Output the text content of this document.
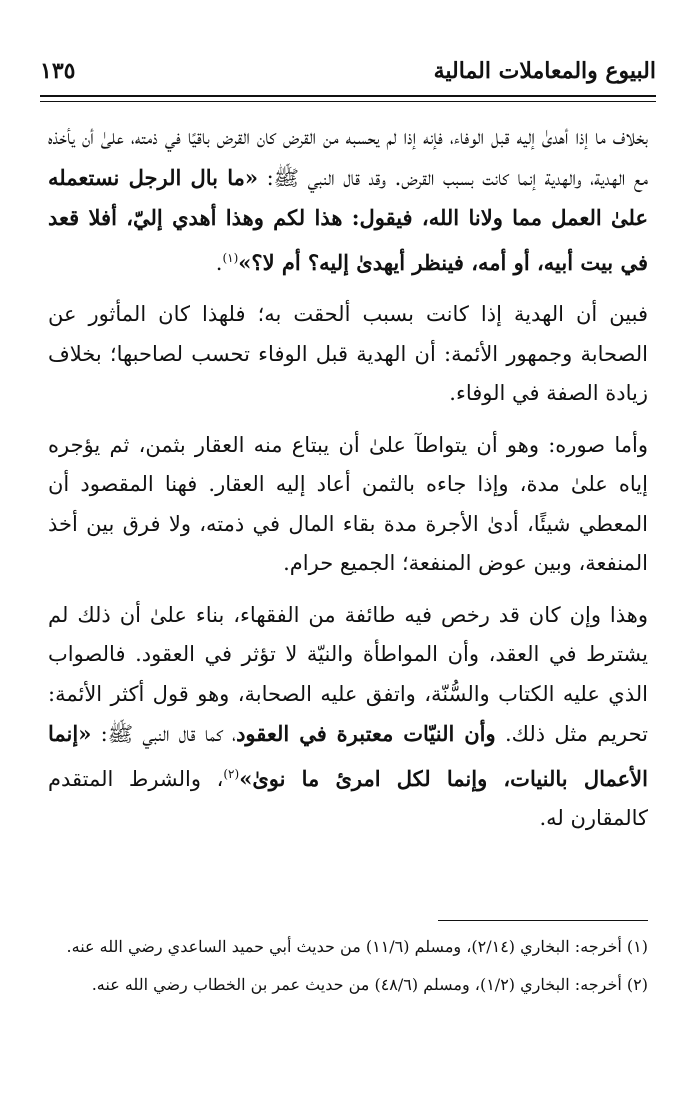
البيوع والمعاملات المالية
١٣٥

بخلاف ما إذا أهدىٰ إليه قبل الوفاء، فإنه إذا لم يحسبه من القرض كان القرض باقيًا في ذمته، علىٰ أن يأخذه مع الهدية، والهدية إنما كانت بسبب القرض. وقد قال النبي ﷺ: «ما بال الرجل نستعمله علىٰ العمل مما ولانا الله، فيقول: هذا لكم وهذا أهدي إليّ، أفلا قعد في بيت أبيه، أو أمه، فينظر أيهدىٰ إليه؟ أم لا؟»$^{(١)}$.

فبين أن الهدية إذا كانت بسبب ألحقت به؛ فلهذا كان المأثور عن الصحابة وجمهور الأئمة: أن الهدية قبل الوفاء تحسب لصاحبها؛ بخلاف زيادة الصفة في الوفاء.

وأما صوره: وهو أن يتواطآ علىٰ أن يبتاع منه العقار بثمن، ثم يؤجره إياه علىٰ مدة، وإذا جاءه بالثمن أعاد إليه العقار. فهنا المقصود أن المعطي شيئًا، أدىٰ الأجرة مدة بقاء المال في ذمته، ولا فرق بين أخذ المنفعة، وبين عوض المنفعة؛ الجميع حرام.

وهذا وإن كان قد رخص فيه طائفة من الفقهاء، بناء علىٰ أن ذلك لم يشترط في العقد، وأن المواطأة والنيّة لا تؤثر في العقود. فالصواب الذي عليه الكتاب والسُّنّة، واتفق عليه الصحابة، وهو قول أكثر الأئمة: تحريم مثل ذلك. وأن النيّات معتبرة في العقود، كما قال النبي ﷺ: «إنما الأعمال بالنيات، وإنما لكل امرئ ما نوىٰ»$^{(٢)}$، والشرط المتقدم كالمقارن له.

(١) أخرجه: البخاري (٢/١٤)، ومسلم (١١/٦) من حديث أبي حميد الساعدي رضي الله عنه.

(٢) أخرجه: البخاري (١/٢)، ومسلم (٤٨/٦) من حديث عمر بن الخطاب رضي الله عنه.
